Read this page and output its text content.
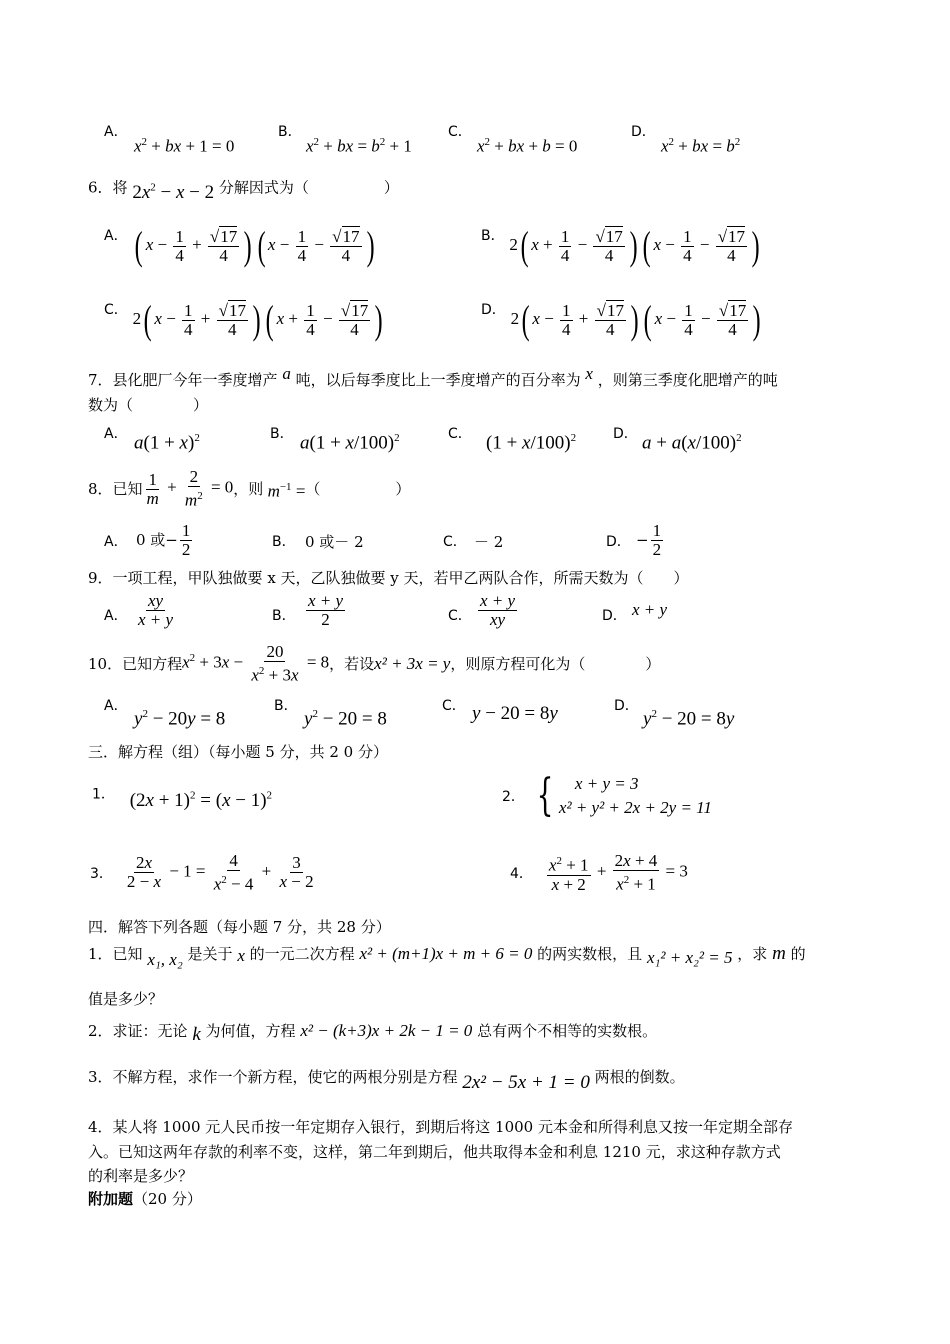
A．
$x^2$ + bx + 1 = 0
B．
$x^2$ + bx = $b^2 + 1$
C．
$x^2$ + bx + b = 0
D．
$x^2$ + bx = $b^2$
6．将 $2x^2 - x - 2$ 分解因式为（　　　　　）
A． ( $x - \frac{1}{4} + \frac{√17}{4}$ ) ( $x - \frac{1}{4} - \frac{√17}{4}$ )	B． 2( $x + \frac{1}{4} - \frac{√17}{4}$ ) ( $x - \frac{1}{4} - \frac{√17}{4}$ )
C． 2( $x - \frac{1}{4} + \frac{√17}{4}$ ) ( $x + \frac{1}{4} - \frac{√17}{4}$ )	D． 2( $x - \frac{1}{4} + \frac{√17}{4}$ ) ( $x - \frac{1}{4} - \frac{√17}{4}$ )
7．县化肥厂今年一季度增产 a 吨，以后每季度比上一季度增产的百分率为 x ，则第三季度化肥增产的吨
数为（　　　　）
A． $a(1 + x)^2$	B． $a(1 + x/100)^2$	C． $(1 + x/100)^2$	D． $a + a(x/100)^2$
8．已知 $\frac{1}{m} + \frac{2}{m^2} = 0$ ，则 $m^{-1}$ = （　　　　　）
A． 0 或− $\frac{1}{2}$	B． 0 或－ 2	C． － 2	D． − $\frac{1}{2}$
9．一项工程，甲队独做要 x 天，乙队独做要 y 天，若甲乙两队合作，所需天数为（　　）
A． $\frac{xy}{x + y}$	B． $\frac{x + y}{2}$	C． $\frac{x + y}{xy}$	D． x + y
10．已知方程 $x^2 + 3x - \frac{20}{x^2 + 3x} = 8$ ，若设 x² + 3x = y ，则原方程可化为（　　　　）
A．
$y^2 - 20y = 8$
B．
$y^2 - 20 = 8$
C． y − 20 = 8y	D．
$y^2 - 20 = 8y$
三．解方程（组）（每小题 5 分，共 2 0 分）
1． $(2x + 1)^2 = (x - 1)^2$	2． {	x + y = 3
x² + y² + 2x + 2y = 11
3． $\frac{2x}{2 - x} - 1 = \frac{4}{x^2 - 4} + \frac{3}{x - 2}$	4． $\frac{x^2 + 1}{x + 2} + \frac{2x + 4}{x^2 + 1} = 3$
四．解答下列各题（每小题 7 分，共 28 分）
1．已知 x₁, x₂ 是关于 x 的一元二次方程 x² + (m+1)x + m + 6 = 0 的两实数根，且 x₁² + x₂² = 5 ，求 m 的
值是多少？
2．求证：无论 k 为何值，方程 x² − (k+3)x + 2k − 1 = 0 总有两个不相等的实数根。
3．不解方程，求作一个新方程，使它的两根分别是方程 2x² − 5x + 1 = 0 两根的倒数。
4．某人将 1000 元人民币按一年定期存入银行，到期后将这 1000 元本金和所得利息又按一年定期全部存
入。已知这两年存款的利率不变，这样，第二年到期后，他共取得本金和利息 1210 元，求这种存款方式
的利率是多少？
附加题（20 分）
